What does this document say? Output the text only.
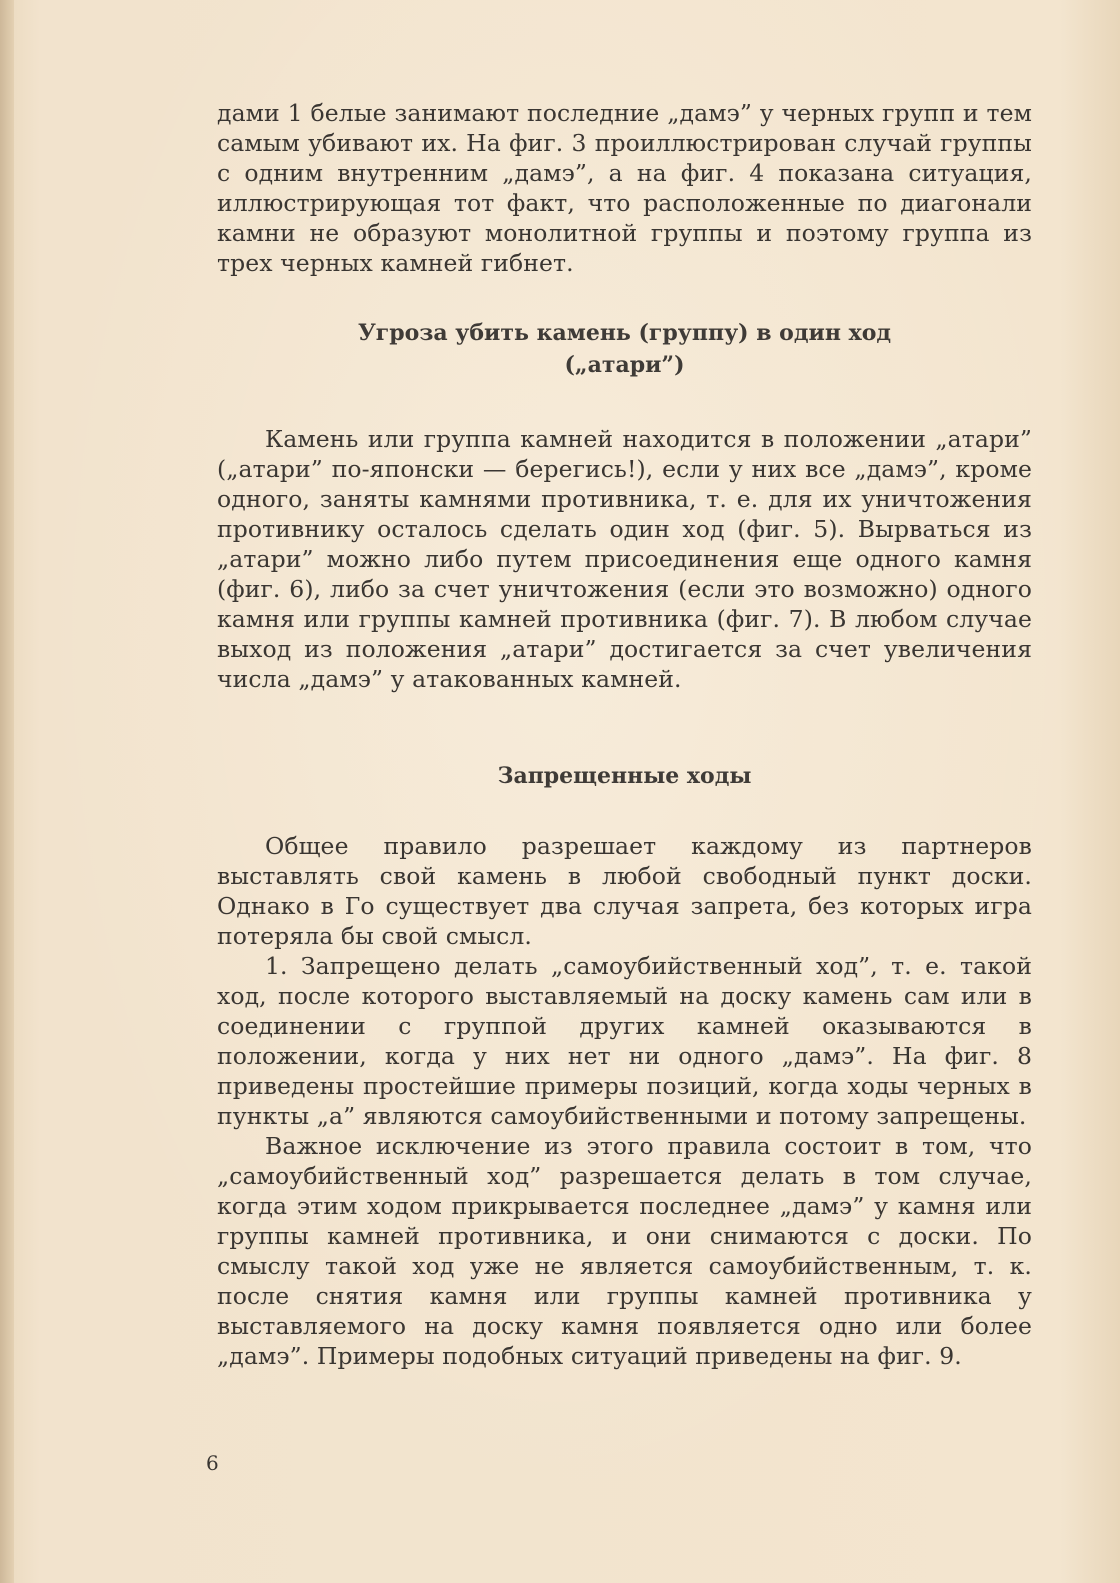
дами 1 белые занимают последние „дамэ” у черных групп и тем самым убивают их. На фиг. 3 проиллюстрирован случай группы с одним внутренним „дамэ”, а на фиг. 4 показана ситуация, иллюстрирующая тот факт, что расположенные по диагонали камни не образуют монолитной группы и поэтому группа из трех черных камней гибнет.

Угроза убить камень (группу) в один ход
(„атари”)

Камень или группа камней находится в положении „атари” („атари” по-японски — берегись!), если у них все „дамэ”, кроме одного, заняты камнями противника, т. е. для их уничтожения противнику осталось сделать один ход (фиг. 5). Вырваться из „атари” можно либо путем присоединения еще одного камня (фиг. 6), либо за счет уничтожения (если это возможно) одного камня или группы камней противника (фиг. 7). В любом случае выход из положения „атари” достигается за счет увеличения числа „дамэ” у атакованных камней.

Запрещенные ходы

Общее правило разрешает каждому из партнеров выставлять свой камень в любой свободный пункт доски. Однако в Го существует два случая запрета, без которых игра потеряла бы свой смысл.

1. Запрещено делать „самоубийственный ход”, т. е. такой ход, после которого выставляемый на доску камень сам или в соединении с группой других камней оказываются в положении, когда у них нет ни одного „дамэ”. На фиг. 8 приведены простейшие примеры позиций, когда ходы черных в пункты „а” являются самоубийственными и потому запрещены.

Важное исключение из этого правила состоит в том, что „самоубийственный ход” разрешается делать в том случае, когда этим ходом прикрывается последнее „дамэ” у камня или группы камней противника, и они снимаются с доски. По смыслу такой ход уже не является самоубийственным, т. к. после снятия камня или группы камней противника у выставляемого на доску камня появляется одно или более „дамэ”. Примеры подобных ситуаций приведены на фиг. 9.

6
